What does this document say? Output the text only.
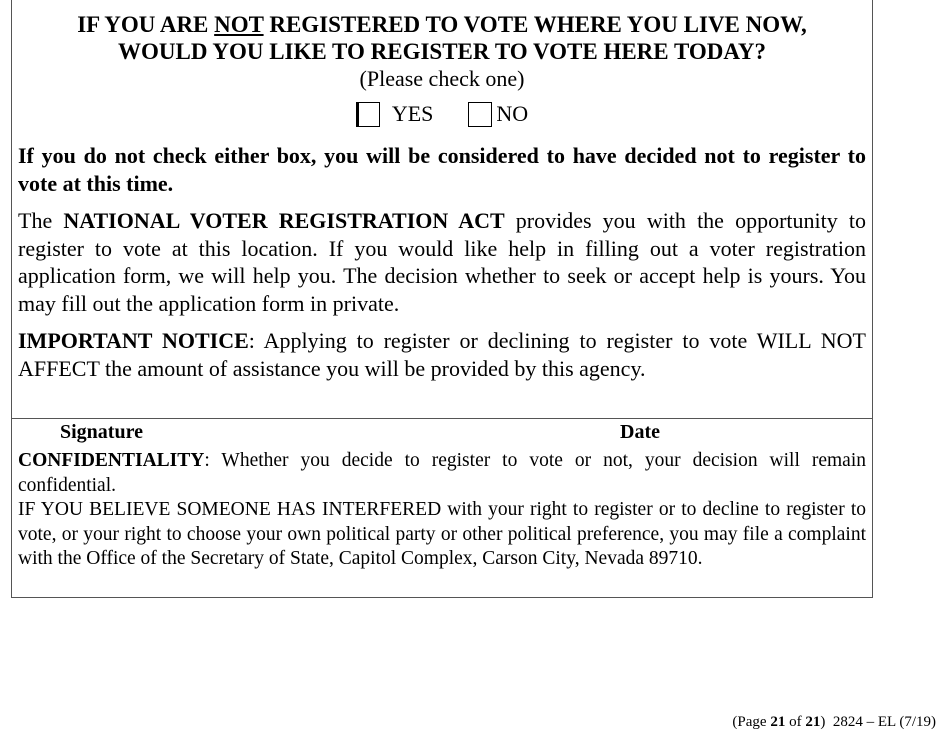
IF YOU ARE NOT REGISTERED TO VOTE WHERE YOU LIVE NOW,
WOULD YOU LIKE TO REGISTER TO VOTE HERE TODAY?
(Please check one)
YES	NO

If you do not check either box, you will be considered to have decided not to register to vote at this time.

The NATIONAL VOTER REGISTRATION ACT provides you with the opportunity to register to vote at this location. If you would like help in filling out a voter registration application form, we will help you. The decision whether to seek or accept help is yours. You may fill out the application form in private.

IMPORTANT NOTICE: Applying to register or declining to register to vote WILL NOT AFFECT the amount of assistance you will be provided by this agency.

Signature	Date

CONFIDENTIALITY: Whether you decide to register to vote or not, your decision will remain confidential.

IF YOU BELIEVE SOMEONE HAS INTERFERED with your right to register or to decline to register to vote, or your right to choose your own political party or other political preference, you may file a complaint with the Office of the Secretary of State, Capitol Complex, Carson City, Nevada 89710.

(Page 21 of 21) 2824 – EL (7/19)
